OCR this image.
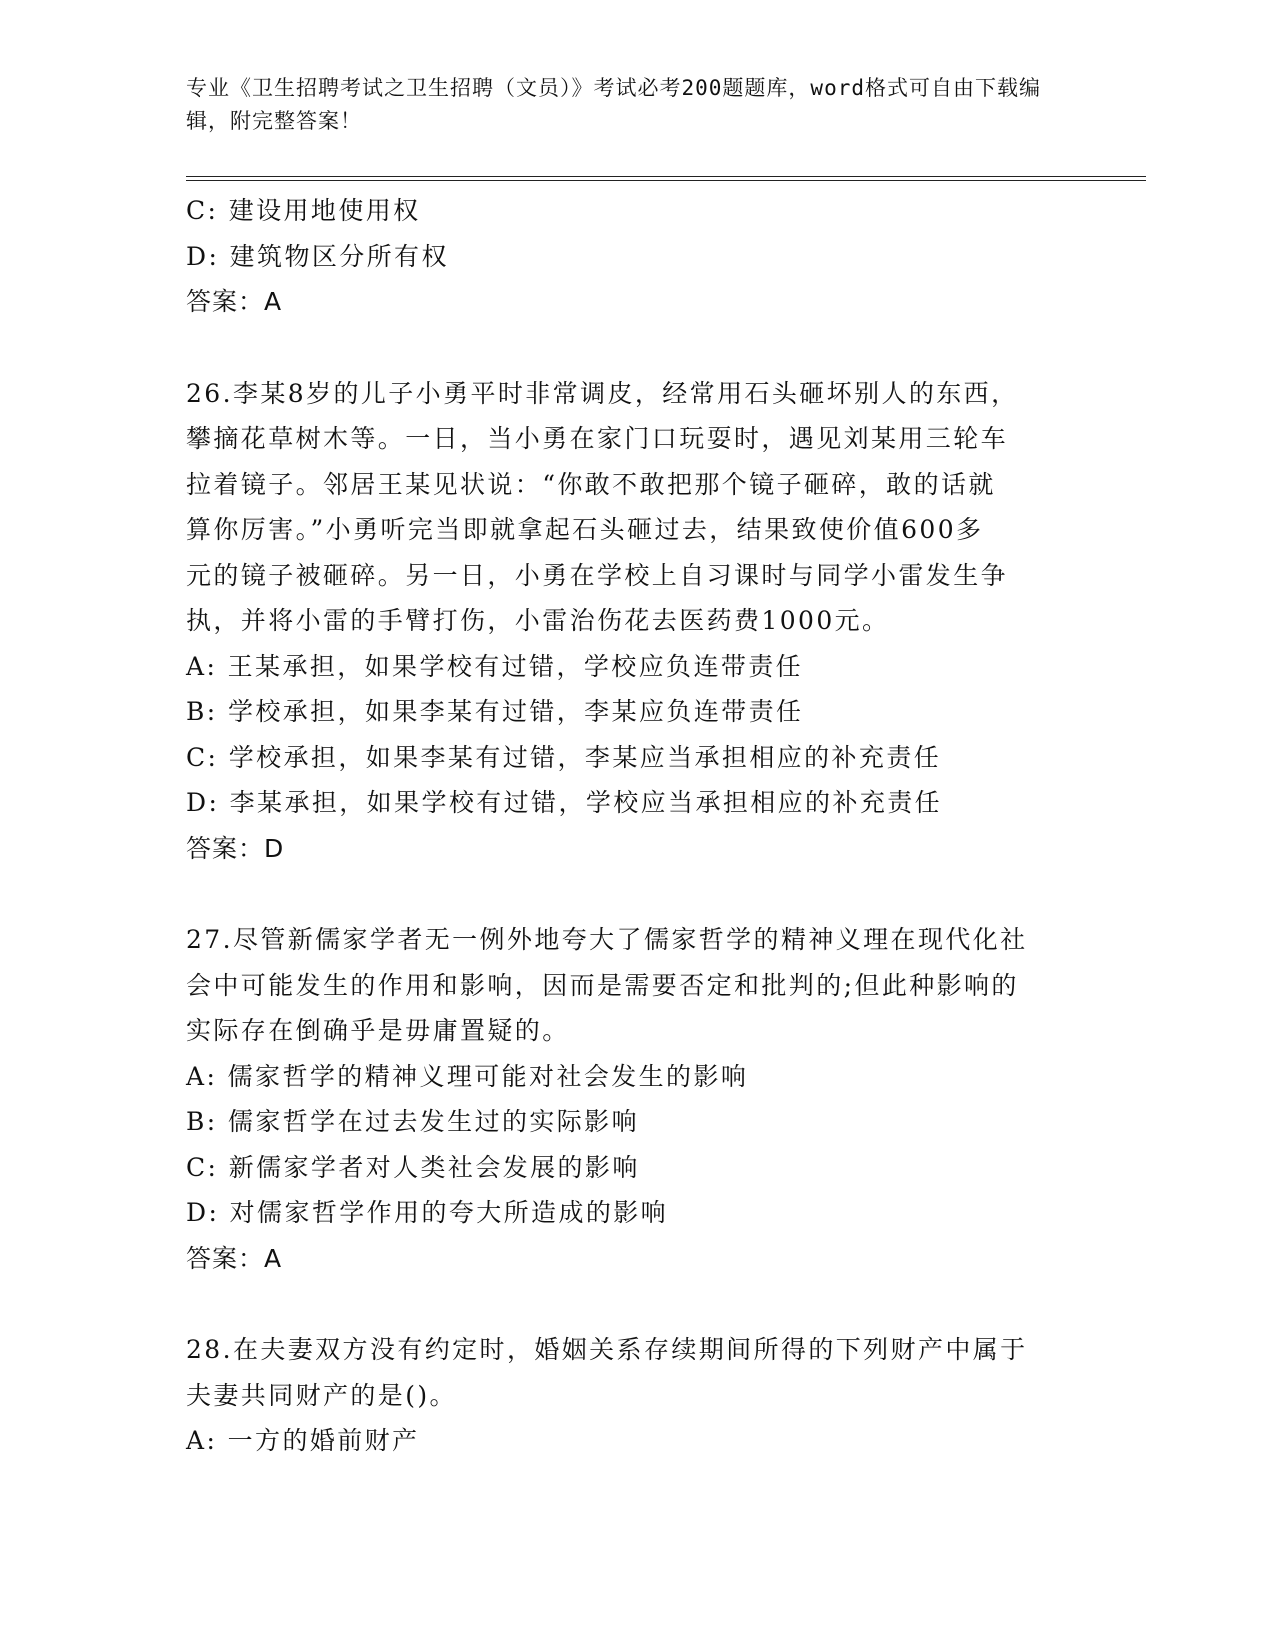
专业《卫生招聘考试之卫生招聘（文员）》考试必考200题题库，word格式可自由下载编辑，附完整答案！
C: 建设用地使用权
D: 建筑物区分所有权
答案：A
26.李某8岁的儿子小勇平时非常调皮，经常用石头砸坏别人的东西，
攀摘花草树木等。一日，当小勇在家门口玩耍时，遇见刘某用三轮车
拉着镜子。邻居王某见状说：“你敢不敢把那个镜子砸碎，敢的话就
算你厉害。”小勇听完当即就拿起石头砸过去，结果致使价值600多
元的镜子被砸碎。另一日，小勇在学校上自习课时与同学小雷发生争
执，并将小雷的手臂打伤，小雷治伤花去医药费1000元。
A: 王某承担，如果学校有过错，学校应负连带责任
B: 学校承担，如果李某有过错，李某应负连带责任
C: 学校承担，如果李某有过错，李某应当承担相应的补充责任
D: 李某承担，如果学校有过错，学校应当承担相应的补充责任
答案：D
27.尽管新儒家学者无一例外地夸大了儒家哲学的精神义理在现代化社
会中可能发生的作用和影响，因而是需要否定和批判的;但此种影响的
实际存在倒确乎是毋庸置疑的。
A: 儒家哲学的精神义理可能对社会发生的影响
B: 儒家哲学在过去发生过的实际影响
C: 新儒家学者对人类社会发展的影响
D: 对儒家哲学作用的夸大所造成的影响
答案：A
28.在夫妻双方没有约定时，婚姻关系存续期间所得的下列财产中属于
夫妻共同财产的是()。
A: 一方的婚前财产
